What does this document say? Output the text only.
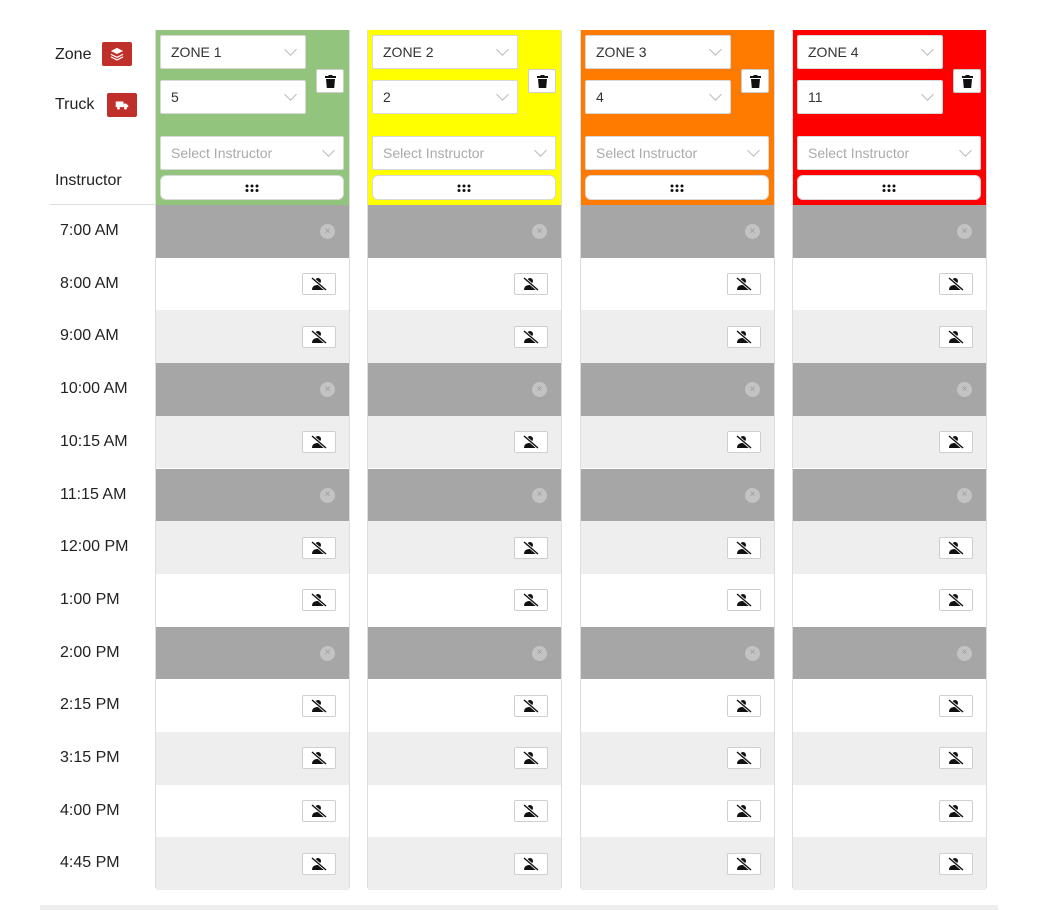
Zone
Truck
Instructor
7:00 AM
8:00 AM
9:00 AM
10:00 AM
10:15 AM
11:15 AM
12:00 PM
1:00 PM
2:00 PM
2:15 PM
3:15 PM
4:00 PM
4:45 PM
ZONE 1
5
Select Instructor
×
×
×
×
ZONE 2
2
Select Instructor
×
×
×
×
ZONE 3
4
Select Instructor
×
×
×
×
ZONE 4
11
Select Instructor
×
×
×
×
